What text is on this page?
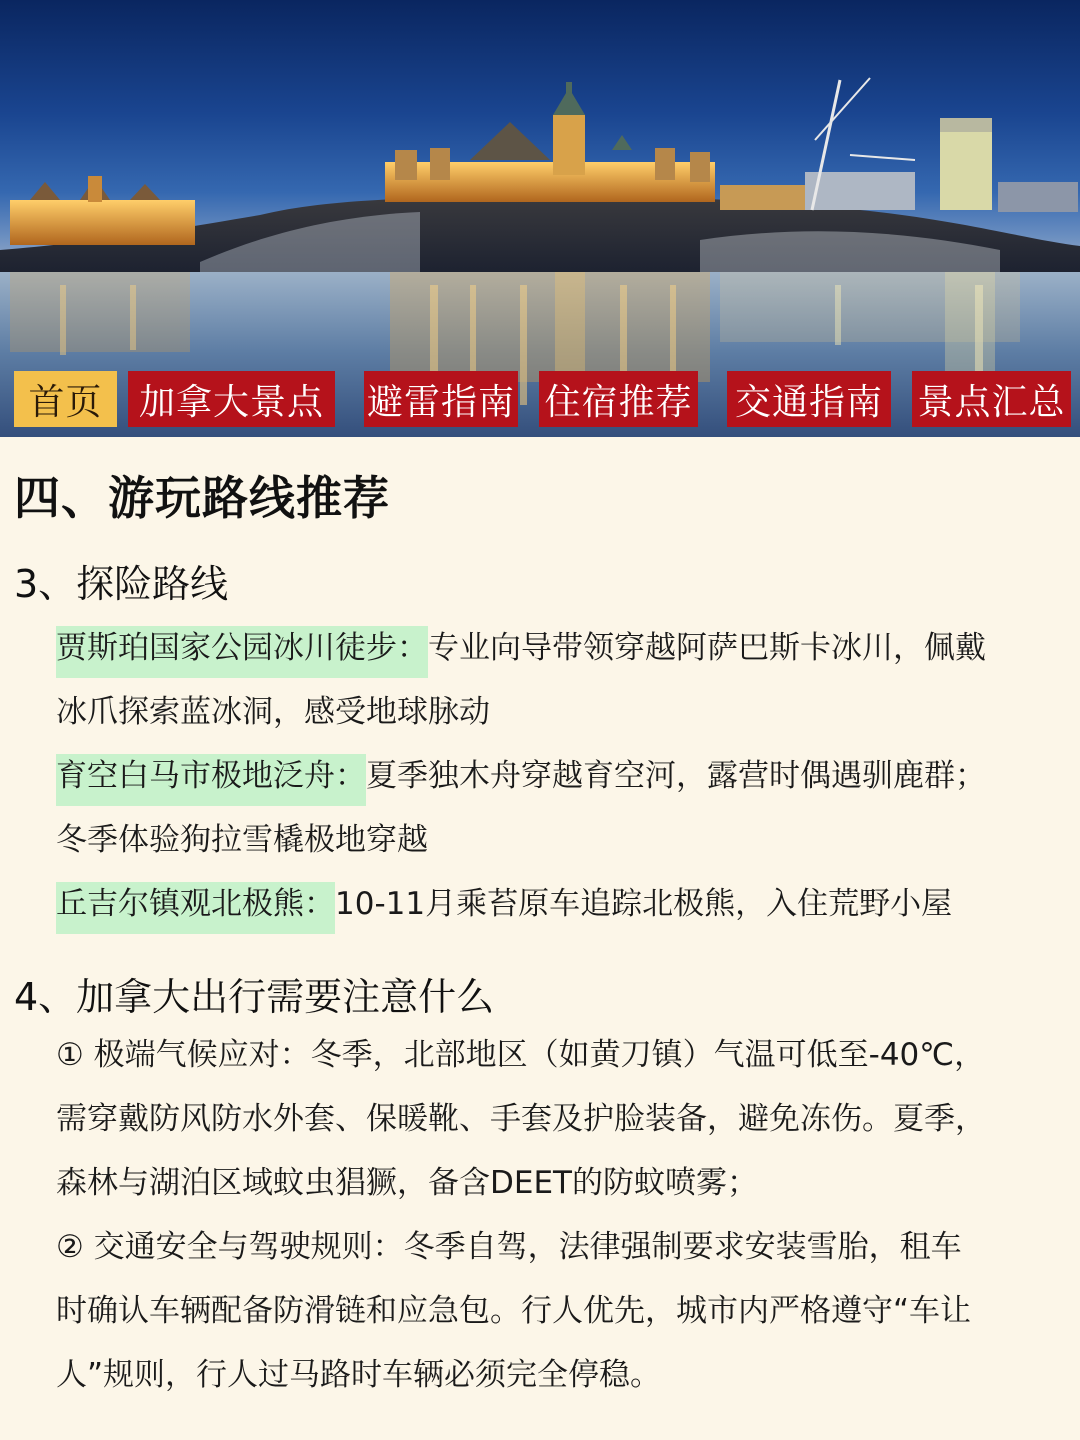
首页 加拿大景点 避雷指南 住宿推荐 交通指南 景点汇总
四、游玩路线推荐
3、探险路线
贾斯珀国家公园冰川徒步：专业向导带领穿越阿萨巴斯卡冰川，佩戴
冰爪探索蓝冰洞，感受地球脉动
育空白马市极地泛舟：夏季独木舟穿越育空河，露营时偶遇驯鹿群；
冬季体验狗拉雪橇极地穿越
丘吉尔镇观北极熊：10-11月乘苔原车追踪北极熊，入住荒野小屋
4、加拿大出行需要注意什么
① 极端气候应对：冬季，北部地区（如黄刀镇）气温可低至-40℃，
需穿戴防风防水外套、保暖靴、手套及护脸装备，避免冻伤。夏季，
森林与湖泊区域蚊虫猖獗，备含DEET的防蚊喷雾；
② 交通安全与驾驶规则：冬季自驾，法律强制要求安装雪胎，租车
时确认车辆配备防滑链和应急包。行人优先，城市内严格遵守“车让
人”规则，行人过马路时车辆必须完全停稳。
